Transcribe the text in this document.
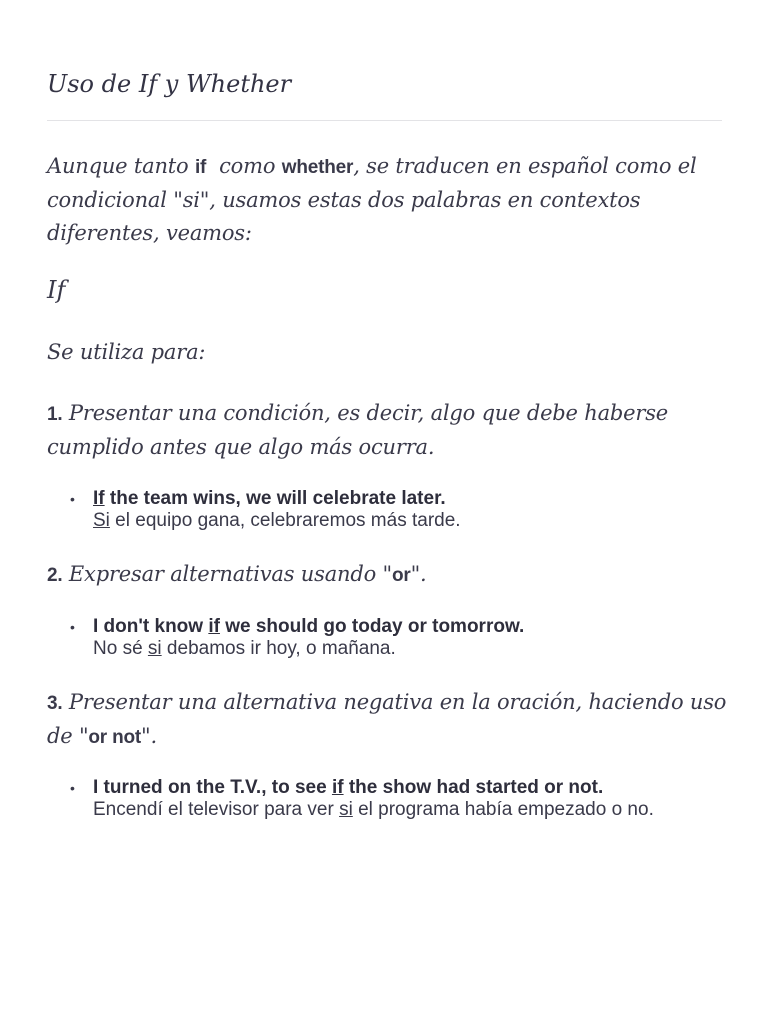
Uso de If y Whether

Aunque tanto if  como whether, se traducen en español como el condicional "si", usamos estas dos palabras en contextos diferentes, veamos:

If

Se utiliza para:

1. Presentar una condición, es decir, algo que debe haberse cumplido antes que algo más ocurra.

• If the team wins, we will celebrate later.
Si el equipo gana, celebraremos más tarde.

2. Expresar alternativas usando "or".

• I don't know if we should go today or tomorrow.
No sé si debamos ir hoy, o mañana.

3. Presentar una alternativa negativa en la oración, haciendo uso de "or not".

• I turned on the T.V., to see if the show had started or not.
Encendí el televisor para ver si el programa había empezado o no.
